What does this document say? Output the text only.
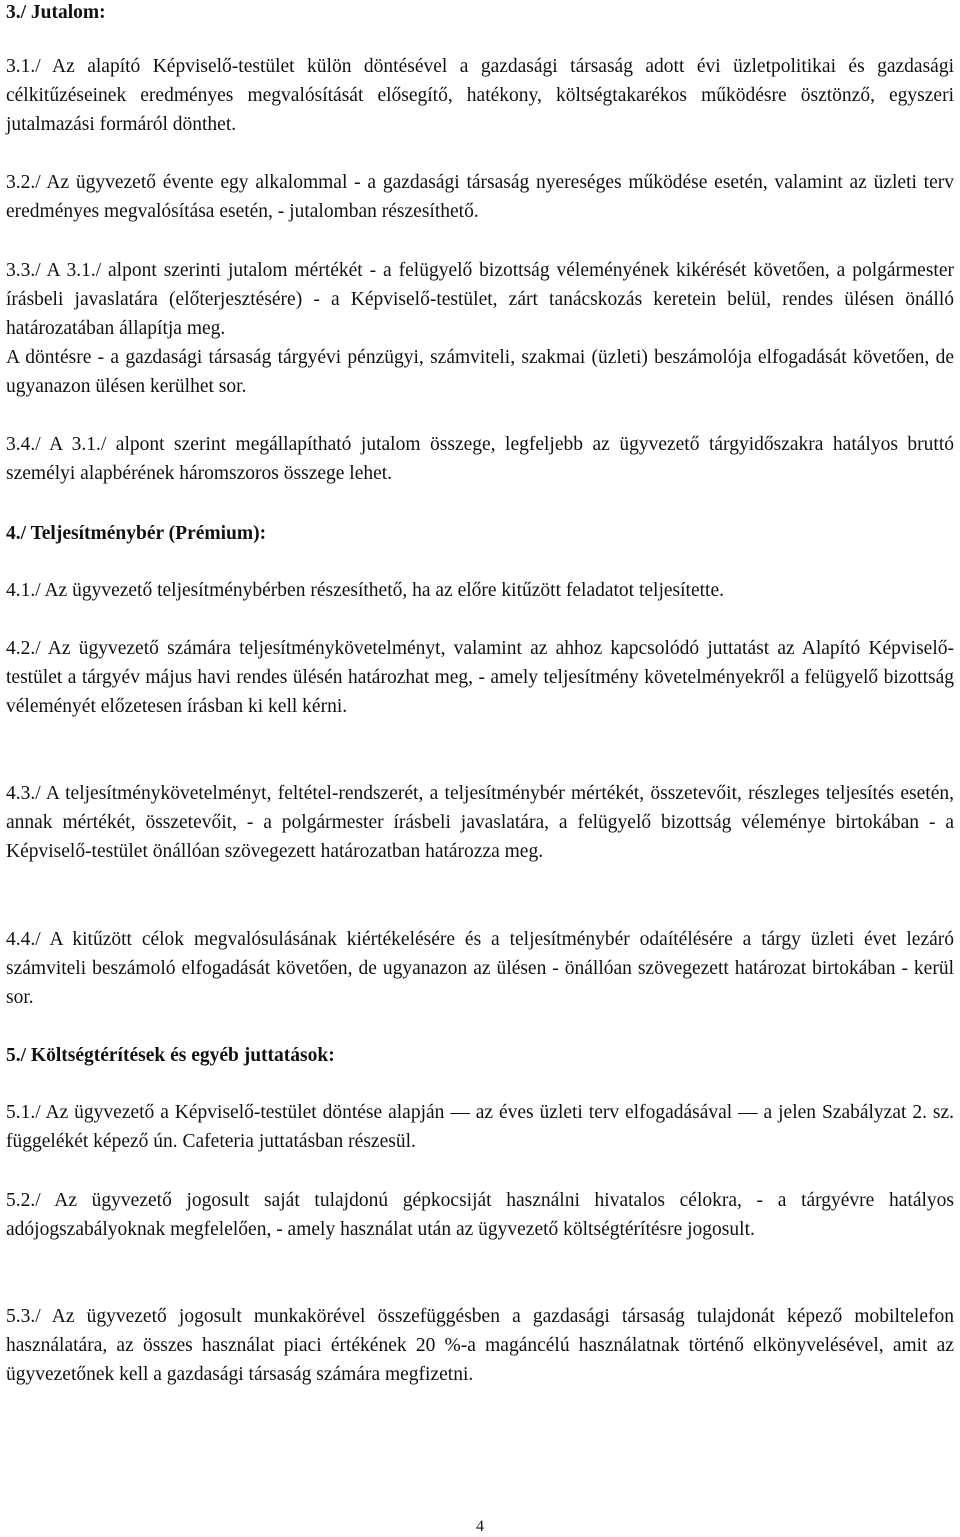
3./ Jutalom:
3.1./ Az alapító Képviselő-testület külön döntésével a gazdasági társaság adott évi üzletpolitikai és gazdasági célkitűzéseinek eredményes megvalósítását elősegítő, hatékony, költségtakarékos működésre ösztönző, egyszeri jutalmazási formáról dönthet.
3.2./ Az ügyvezető évente egy alkalommal - a gazdasági társaság nyereséges működése esetén, valamint az üzleti terv eredményes megvalósítása esetén, - jutalomban részesíthető.
3.3./ A 3.1./ alpont szerinti jutalom mértékét - a felügyelő bizottság véleményének kikérését követően, a polgármester írásbeli javaslatára (előterjesztésére) - a Képviselő-testület, zárt tanácskozás keretein belül, rendes ülésen önálló határozatában állapítja meg.
A döntésre - a gazdasági társaság tárgyévi pénzügyi, számviteli, szakmai (üzleti) beszámolója elfogadását követően, de ugyanazon ülésen kerülhet sor.
3.4./ A 3.1./ alpont szerint megállapítható jutalom összege, legfeljebb az ügyvezető tárgyidőszakra hatályos bruttó személyi alapbérének háromszoros összege lehet.
4./ Teljesítménybér (Prémium):
4.1./ Az ügyvezető teljesítménybérben részesíthető, ha az előre kitűzött feladatot teljesítette.
4.2./ Az ügyvezető számára teljesítménykövetelményt, valamint az ahhoz kapcsolódó juttatást az Alapító Képviselő-testület a tárgyév május havi rendes ülésén határozhat meg, - amely teljesítmény követelményekről a felügyelő bizottság véleményét előzetesen írásban ki kell kérni.
4.3./ A teljesítménykövetelményt, feltétel-rendszerét, a teljesítménybér mértékét, összetevőit, részleges teljesítés esetén, annak mértékét, összetevőit, - a polgármester írásbeli javaslatára, a felügyelő bizottság véleménye birtokában - a Képviselő-testület önállóan szövegezett határozatban határozza meg.
4.4./ A kitűzött célok megvalósulásának kiértékelésére és a teljesítménybér odaítélésére a tárgy üzleti évet lezáró számviteli beszámoló elfogadását követően, de ugyanazon az ülésen - önállóan szövegezett határozat birtokában - kerül sor.
5./ Költségtérítések és egyéb juttatások:
5.1./ Az ügyvezető a Képviselő-testület döntése alapján — az éves üzleti terv elfogadásával — a jelen Szabályzat 2. sz. függelékét képező ún. Cafeteria juttatásban részesül.
5.2./ Az ügyvezető jogosult saját tulajdonú gépkocsiját használni hivatalos célokra, - a tárgyévre hatályos adójogszabályoknak megfelelően, - amely használat után az ügyvezető költségtérítésre jogosult.
5.3./ Az ügyvezető jogosult munkakörével összefüggésben a gazdasági társaság tulajdonát képező mobiltelefon használatára, az összes használat piaci értékének 20 %-a magáncélú használatnak történő elkönyvelésével, amit az ügyvezetőnek kell a gazdasági társaság számára megfizetni.
4
